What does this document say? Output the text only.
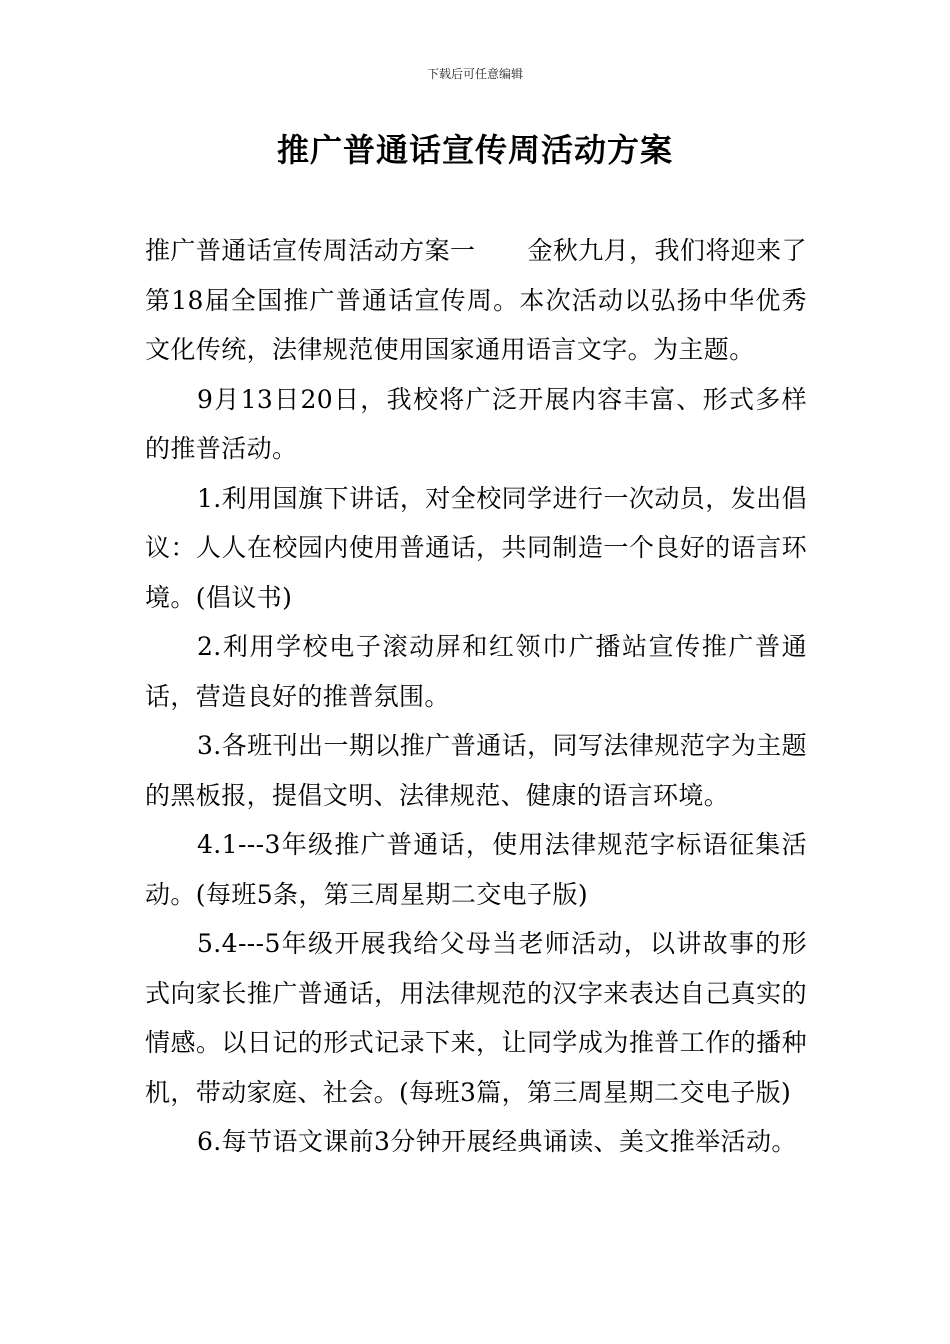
下载后可任意编辑
推广普通话宣传周活动方案

推广普通话宣传周活动方案一 金秋九月，我们将迎来了第18届全国推广普通话宣传周。本次活动以弘扬中华优秀文化传统，法律规范使用国家通用语言文字。为主题。

9月13日20日，我校将广泛开展内容丰富、形式多样的推普活动。

1.利用国旗下讲话，对全校同学进行一次动员，发出倡议：人人在校园内使用普通话，共同制造一个良好的语言环境。(倡议书)

2.利用学校电子滚动屏和红领巾广播站宣传推广普通话，营造良好的推普氛围。

3.各班刊出一期以推广普通话，同写法律规范字为主题的黑板报，提倡文明、法律规范、健康的语言环境。

4.1---3年级推广普通话，使用法律规范字标语征集活动。(每班5条，第三周星期二交电子版)

5.4---5年级开展我给父母当老师活动，以讲故事的形式向家长推广普通话，用法律规范的汉字来表达自己真实的情感。以日记的形式记录下来，让同学成为推普工作的播种机，带动家庭、社会。(每班3篇，第三周星期二交电子版)

6.每节语文课前3分钟开展经典诵读、美文推举活动。
